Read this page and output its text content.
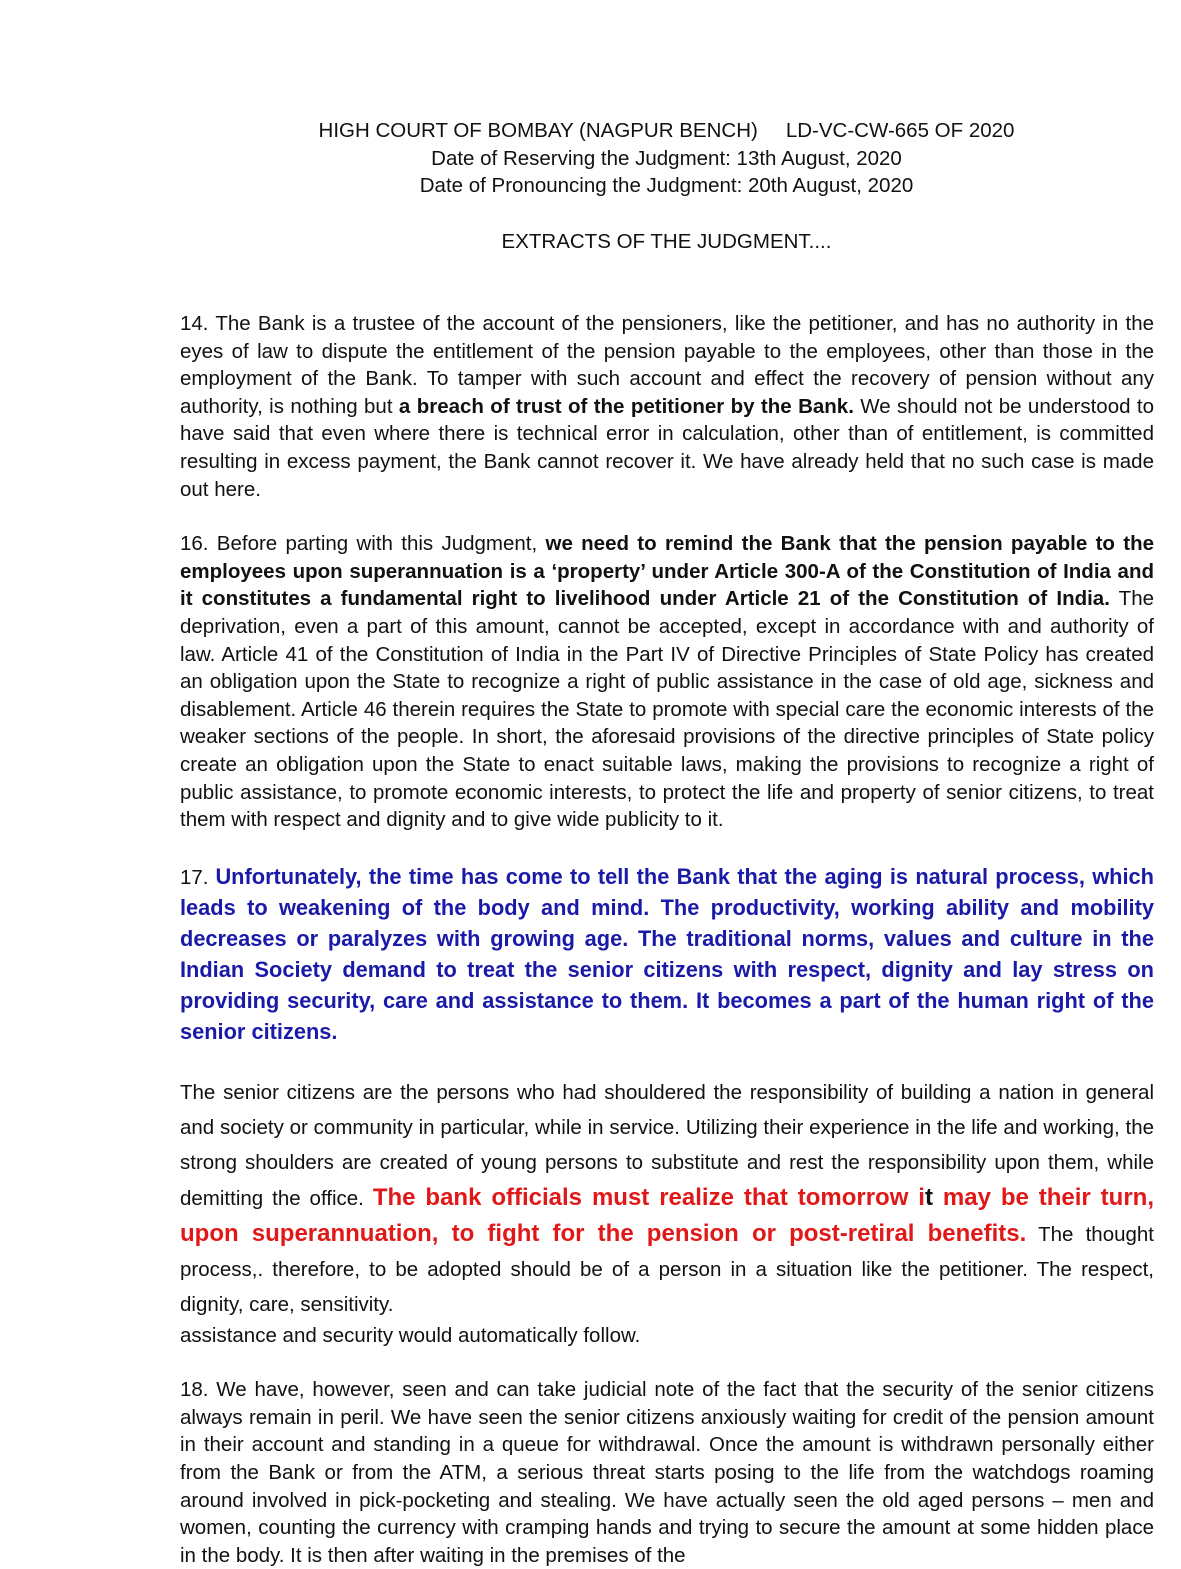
HIGH COURT OF BOMBAY (NAGPUR BENCH) LD-VC-CW-665 OF 2020
Date of Reserving the Judgment: 13th August, 2020
Date of Pronouncing the Judgment: 20th August, 2020
EXTRACTS OF THE JUDGMENT....

14. The Bank is a trustee of the account of the pensioners, like the petitioner, and has no authority in the eyes of law to dispute the entitlement of the pension payable to the employees, other than those in the employment of the Bank. To tamper with such account and effect the recovery of pension without any authority, is nothing but a breach of trust of the petitioner by the Bank. We should not be understood to have said that even where there is technical error in calculation, other than of entitlement, is committed resulting in excess payment, the Bank cannot recover it. We have already held that no such case is made out here.

16. Before parting with this Judgment, we need to remind the Bank that the pension payable to the employees upon superannuation is a ‘property’ under Article 300-A of the Constitution of India and it constitutes a fundamental right to livelihood under Article 21 of the Constitution of India. The deprivation, even a part of this amount, cannot be accepted, except in accordance with and authority of law. Article 41 of the Constitution of India in the Part IV of Directive Principles of State Policy has created an obligation upon the State to recognize a right of public assistance in the case of old age, sickness and disablement. Article 46 therein requires the State to promote with special care the economic interests of the weaker sections of the people. In short, the aforesaid provisions of the directive principles of State policy create an obligation upon the State to enact suitable laws, making the provisions to recognize a right of public assistance, to promote economic interests, to protect the life and property of senior citizens, to treat them with respect and dignity and to give wide publicity to it.

17. Unfortunately, the time has come to tell the Bank that the aging is natural process, which leads to weakening of the body and mind. The productivity, working ability and mobility decreases or paralyzes with growing age. The traditional norms, values and culture in the Indian Society demand to treat the senior citizens with respect, dignity and lay stress on providing security, care and assistance to them. It becomes a part of the human right of the senior citizens.

The senior citizens are the persons who had shouldered the responsibility of building a nation in general and society or community in particular, while in service. Utilizing their experience in the life and working, the strong shoulders are created of young persons to substitute and rest the responsibility upon them, while demitting the office. The bank officials must realize that tomorrow it may be their turn, upon superannuation, to fight for the pension or post-retiral benefits. The thought process,. therefore, to be adopted should be of a person in a situation like the petitioner. The respect, dignity, care, sensitivity.

assistance and security would automatically follow.

18. We have, however, seen and can take judicial note of the fact that the security of the senior citizens always remain in peril. We have seen the senior citizens anxiously waiting for credit of the pension amount in their account and standing in a queue for withdrawal. Once the amount is withdrawn personally either from the Bank or from the ATM, a serious threat starts posing to the life from the watchdogs roaming around involved in pick-pocketing and stealing. We have actually seen the old aged persons – men and women, counting the currency with cramping hands and trying to secure the amount at some hidden place in the body. It is then after waiting in the premises of the
